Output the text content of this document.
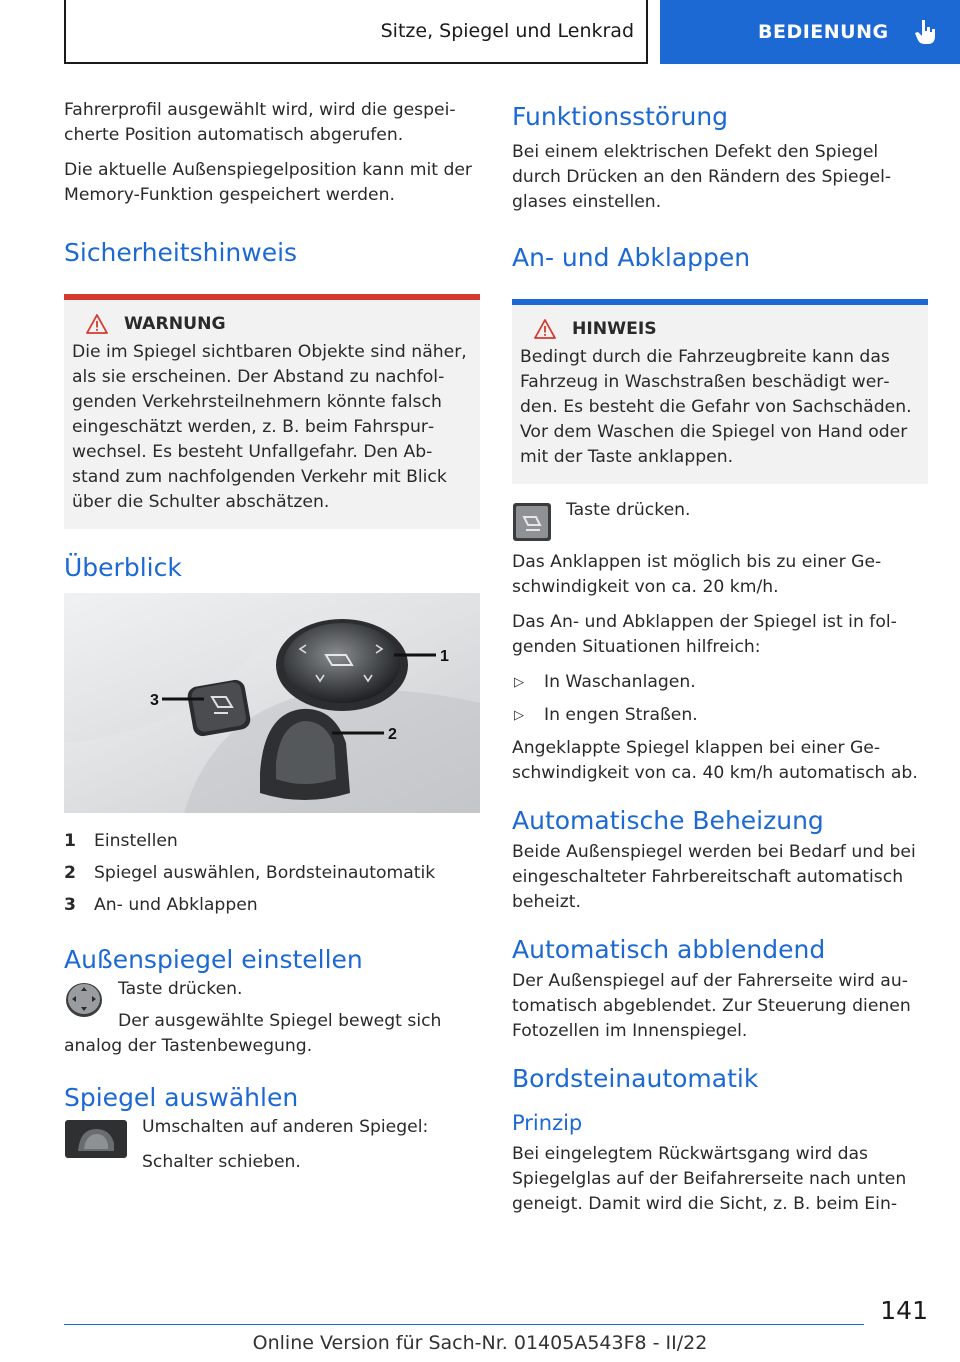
Sitze, Spiegel und Lenkrad	BEDIENUNG

Fahrerprofil ausgewählt wird, wird die gespeicherte Position automatisch abgerufen.

Die aktuelle Außenspiegelposition kann mit der Memory-Funktion gespeichert werden.

Sicherheitshinweis
WARNUNG

Die im Spiegel sichtbaren Objekte sind näher, als sie erscheinen. Der Abstand zu nachfolgenden Verkehrsteilnehmern könnte falsch eingeschätzt werden, z. B. beim Fahrspurwechsel. Es besteht Unfallgefahr. Den Abstand zum nachfolgenden Verkehr mit Blick über die Schulter abschätzen.

Überblick
1
2
3
1	Einstellen
2	Spiegel auswählen, Bordsteinautomatik
3	An- und Abklappen
Außenspiegel einstellen

Taste drücken.

Der ausgewählte Spiegel bewegt sich analog der Tastenbewegung.

Spiegel auswählen

Umschalten auf anderen Spiegel:

Schalter schieben.

Funktionsstörung

Bei einem elektrischen Defekt den Spiegel durch Drücken an den Rändern des Spiegelglases einstellen.

An- und Abklappen
HINWEIS

Bedingt durch die Fahrzeugbreite kann das Fahrzeug in Waschstraßen beschädigt werden. Es besteht die Gefahr von Sachschäden. Vor dem Waschen die Spiegel von Hand oder mit der Taste anklappen.

Taste drücken.

Das Anklappen ist möglich bis zu einer Geschwindigkeit von ca. 20 km/h.

Das An- und Abklappen der Spiegel ist in folgenden Situationen hilfreich:

▷	In Waschanlagen.
▷	In engen Straßen.

Angeklappte Spiegel klappen bei einer Geschwindigkeit von ca. 40 km/h automatisch ab.

Automatische Beheizung

Beide Außenspiegel werden bei Bedarf und bei eingeschalteter Fahrbereitschaft automatisch beheizt.

Automatisch abblendend

Der Außenspiegel auf der Fahrerseite wird automatisch abgeblendet. Zur Steuerung dienen Fotozellen im Innenspiegel.

Bordsteinautomatik
Prinzip

Bei eingelegtem Rückwärtsgang wird das Spiegelglas auf der Beifahrerseite nach unten geneigt. Damit wird die Sicht, z. B. beim Ein-

141
Online Version für Sach-Nr. 01405A543F8 - II/22
